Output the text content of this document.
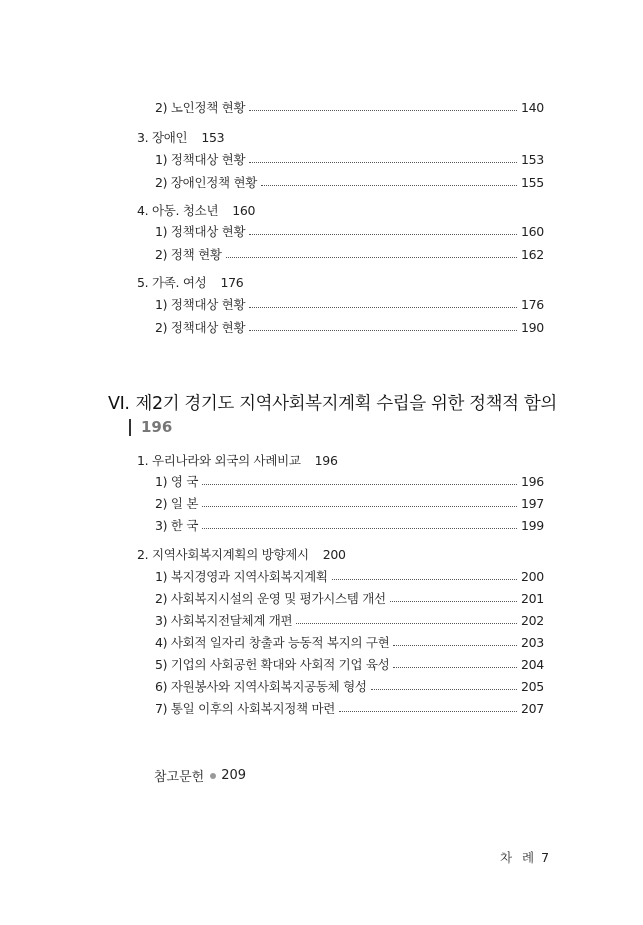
2) 노인정책 현황	140
3. 장애인 153
1) 정책대상 현황	153
2) 장애인정책 현황	155
4. 아동. 청소년 160
1) 정책대상 현황	160
2) 정책 현황	162
5. 가족. 여성 176
1) 정책대상 현황	176
2) 정책대상 현황	190
VI. 제2기 경기도 지역사회복지계획 수립을 위한 정책적 함의
196
1. 우리나라와 외국의 사례비교 196
1) 영 국	196
2) 일 본	197
3) 한 국	199
2. 지역사회복지계획의 방향제시 200
1) 복지경영과 지역사회복지계획	200
2) 사회복지시설의 운영 및 평가시스템 개선	201
3) 사회복지전달체계 개편	202
4) 사회적 일자리 창출과 능동적 복지의 구현	203
5) 기업의 사회공헌 확대와 사회적 기업 육성	204
6) 자원봉사와 지역사회복지공동체 형성	205
7) 통일 이후의 사회복지정책 마련	207
참고문헌 209
차 례 7
